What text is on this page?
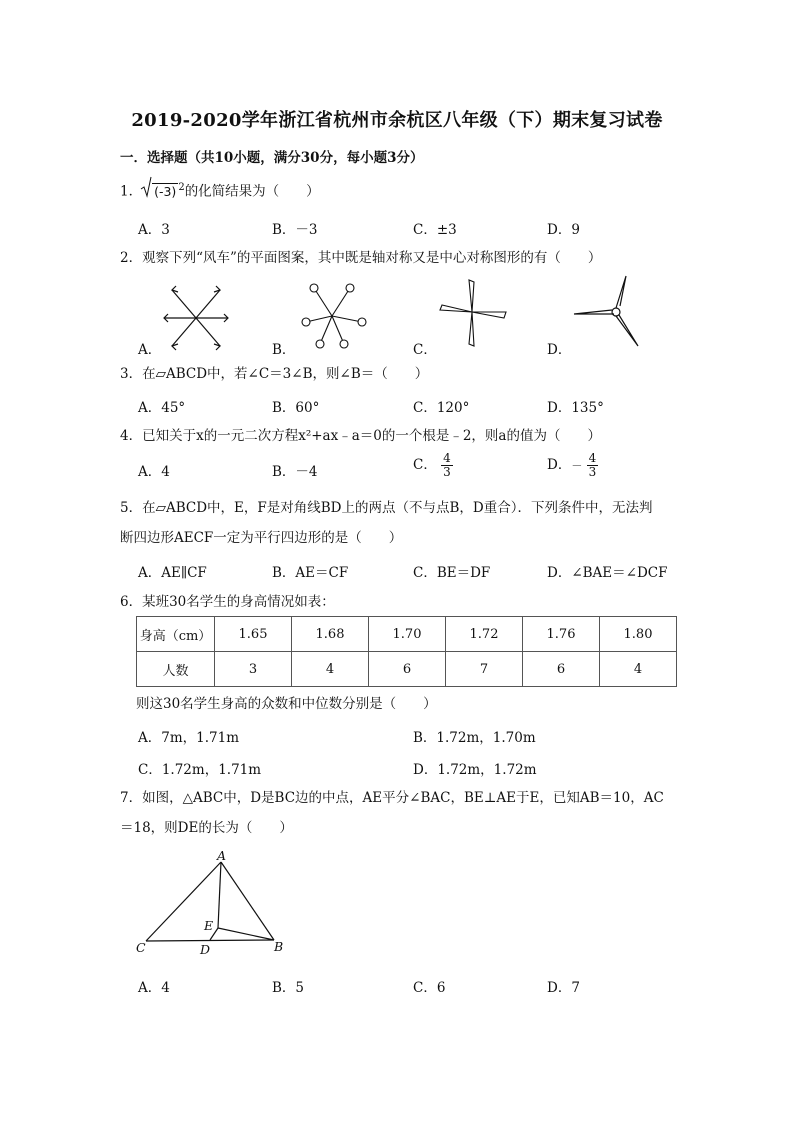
2019-2020学年浙江省杭州市余杭区八年级（下）期末复习试卷
一．选择题（共10小题，满分30分，每小题3分）
1． (-3) $^2$的化简结果为（　　）
A．3	B．－3	C．±3	D．9
2．观察下列“风车”的平面图案，其中既是轴对称又是中心对称图形的有（　　）
A．	B．	C．	D．
3．在▱ABCD中，若∠C＝3∠B，则∠B＝（　　）
A．45°	B．60°	C．120°	D．135°
4．已知关于x的一元二次方程x²+ax﹣a＝0的一个根是﹣2，则a的值为（　　）
A．4	B．－4	C． $\frac{4}{3}$	D．－ $\frac{4}{3}$
5．在▱ABCD中，E，F是对角线BD上的两点（不与点B，D重合）．下列条件中，无法判
断四边形AECF一定为平行四边形的是（　　）
A．AE∥CF	B．AE＝CF	C．BE＝DF	D．∠BAE＝∠DCF
6．某班30名学生的身高情况如表：
身高（cm）	1.65	1.68	1.70	1.72	1.76	1.80
人数	3	4	6	7	6	4
则这30名学生身高的众数和中位数分别是（　　）
A．7m，1.71m	B．1.72m，1.70m
C．1.72m，1.71m	D．1.72m，1.72m
7．如图，△ABC中，D是BC边的中点，AE平分∠BAC，BE⊥AE于E，已知AB＝10，AC
＝18，则DE的长为（　　）
A
C	D
E
B
A．4	B．5	C．6	D．7
